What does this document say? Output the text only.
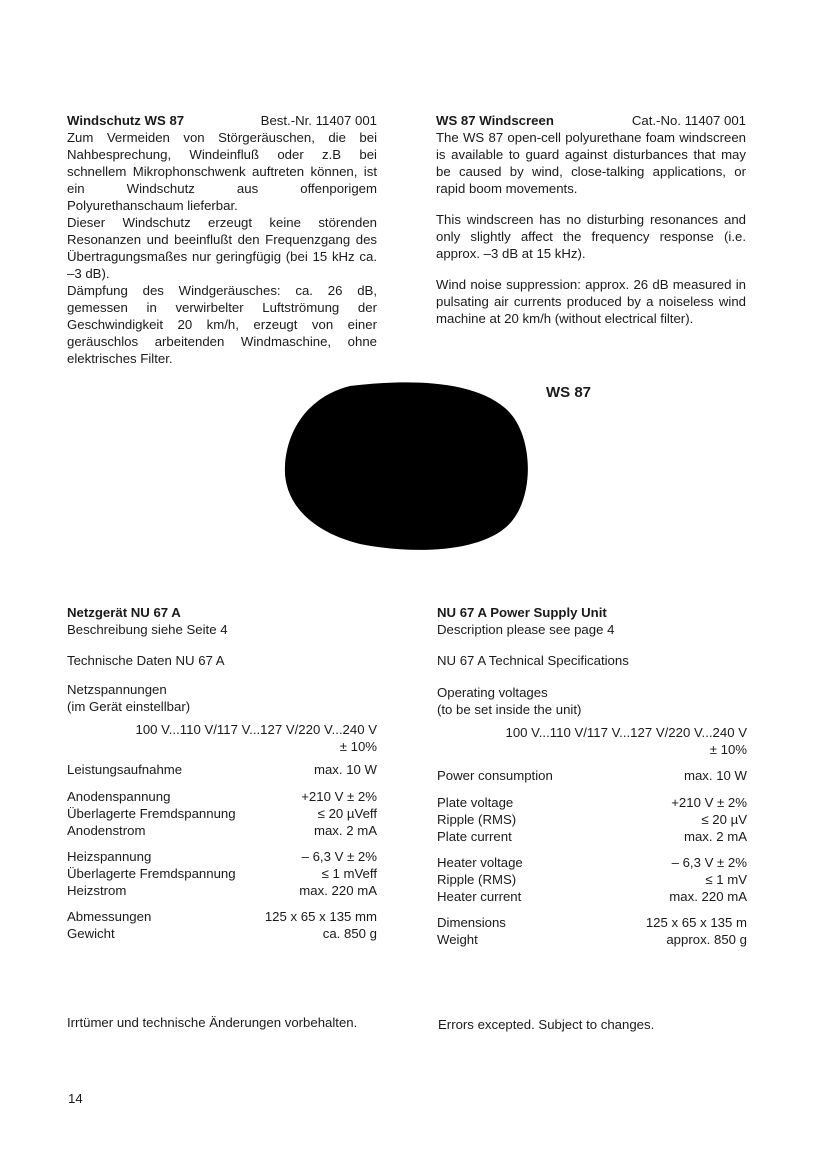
Windschutz WS 87	Best.-Nr. 11407 001

Zum Vermeiden von Störgeräuschen, die bei Nahbesprechung, Windeinfluß oder z.B bei schnellem Mikrophonschwenk auftreten können, ist ein Windschutz aus offenporigem Polyurethanschaum lieferbar.

Dieser Windschutz erzeugt keine störenden Resonanzen und beeinflußt den Frequenzgang des Übertragungsmaßes nur geringfügig (bei 15 kHz ca. –3 dB).

Dämpfung des Windgeräusches: ca. 26 dB, gemessen in verwirbelter Luftströmung der Geschwindigkeit 20 km/h, erzeugt von einer geräuschlos arbeitenden Windmaschine, ohne elektrisches Filter.

WS 87 Windscreen	Cat.-No. 11407 001

The WS 87 open-cell polyurethane foam windscreen is available to guard against disturbances that may be caused by wind, close-talking applications, or rapid boom movements.

This windscreen has no disturbing resonances and only slightly affect the frequency response (i.e. approx. –3 dB at 15 kHz).

Wind noise suppression: approx. 26 dB measured in pulsating air currents produced by a noiseless wind machine at 20 km/h (without electrical filter).

WS 87

Netzgerät NU 67 A

Beschreibung siehe Seite 4

Technische Daten NU 67 A

Netzspannungen

(im Gerät einstellbar)

100 V...110 V/117 V...127 V/220 V...240 V

± 10%

Leistungsaufnahme	max. 10 W
Anodenspannung	+210 V ± 2%
Überlagerte Fremdspannung	≤ 20 µVeff
Anodenstrom	max. 2 mA
Heizspannung	– 6,3 V ± 2%
Überlagerte Fremdspannung	≤ 1 mVeff
Heizstrom	max. 220 mA
Abmessungen	125 x 65 x 135 mm
Gewicht	ca. 850 g

NU 67 A Power Supply Unit

Description please see page 4

NU 67 A Technical Specifications

Operating voltages

(to be set inside the unit)

100 V...110 V/117 V...127 V/220 V...240 V

± 10%

Power consumption	max. 10 W
Plate voltage	+210 V ± 2%
Ripple (RMS)	≤ 20 µV
Plate current	max. 2 mA
Heater voltage	– 6,3 V ± 2%
Ripple (RMS)	≤ 1 mV
Heater current	max. 220 mA
Dimensions	125 x 65 x 135 m
Weight	approx. 850 g
Irrtümer und technische Änderungen vorbehalten.	Errors excepted. Subject to changes.
14
